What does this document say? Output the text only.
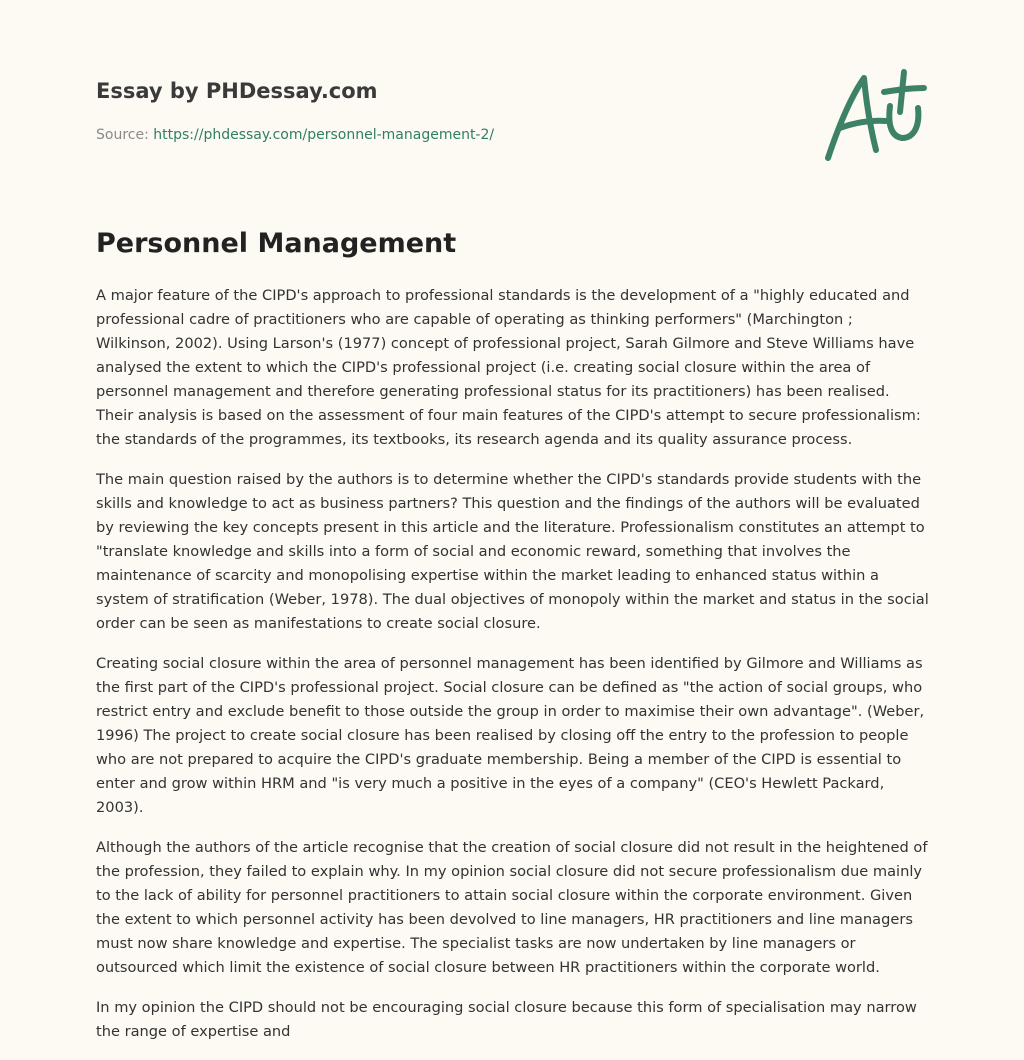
Essay by PHDessay.com
Source: https://phdessay.com/personnel-management-2/
Personnel Management

A major feature of the CIPD's approach to professional standards is the development of a "highly educated and professional cadre of practitioners who are capable of operating as thinking performers" (Marchington ; Wilkinson, 2002). Using Larson's (1977) concept of professional project, Sarah Gilmore and Steve Williams have analysed the extent to which the CIPD's professional project (i.e. creating social closure within the area of personnel management and therefore generating professional status for its practitioners) has been realised. Their analysis is based on the assessment of four main features of the CIPD's attempt to secure professionalism: the standards of the programmes, its textbooks, its research agenda and its quality assurance process.

The main question raised by the authors is to determine whether the CIPD's standards provide students with the skills and knowledge to act as business partners? This question and the findings of the authors will be evaluated by reviewing the key concepts present in this article and the literature. Professionalism constitutes an attempt to "translate knowledge and skills into a form of social and economic reward, something that involves the maintenance of scarcity and monopolising expertise within the market leading to enhanced status within a system of stratification (Weber, 1978). The dual objectives of monopoly within the market and status in the social order can be seen as manifestations to create social closure.

Creating social closure within the area of personnel management has been identified by Gilmore and Williams as the first part of the CIPD's professional project. Social closure can be defined as "the action of social groups, who restrict entry and exclude benefit to those outside the group in order to maximise their own advantage". (Weber, 1996) The project to create social closure has been realised by closing off the entry to the profession to people who are not prepared to acquire the CIPD's graduate membership. Being a member of the CIPD is essential to enter and grow within HRM and "is very much a positive in the eyes of a company" (CEO's Hewlett Packard, 2003).

Although the authors of the article recognise that the creation of social closure did not result in the heightened of the profession, they failed to explain why. In my opinion social closure did not secure professionalism due mainly to the lack of ability for personnel practitioners to attain social closure within the corporate environment. Given the extent to which personnel activity has been devolved to line managers, HR practitioners and line managers must now share knowledge and expertise. The specialist tasks are now undertaken by line managers or outsourced which limit the existence of social closure between HR practitioners within the corporate world.

In my opinion the CIPD should not be encouraging social closure because this form of specialisation may narrow the range of expertise and
